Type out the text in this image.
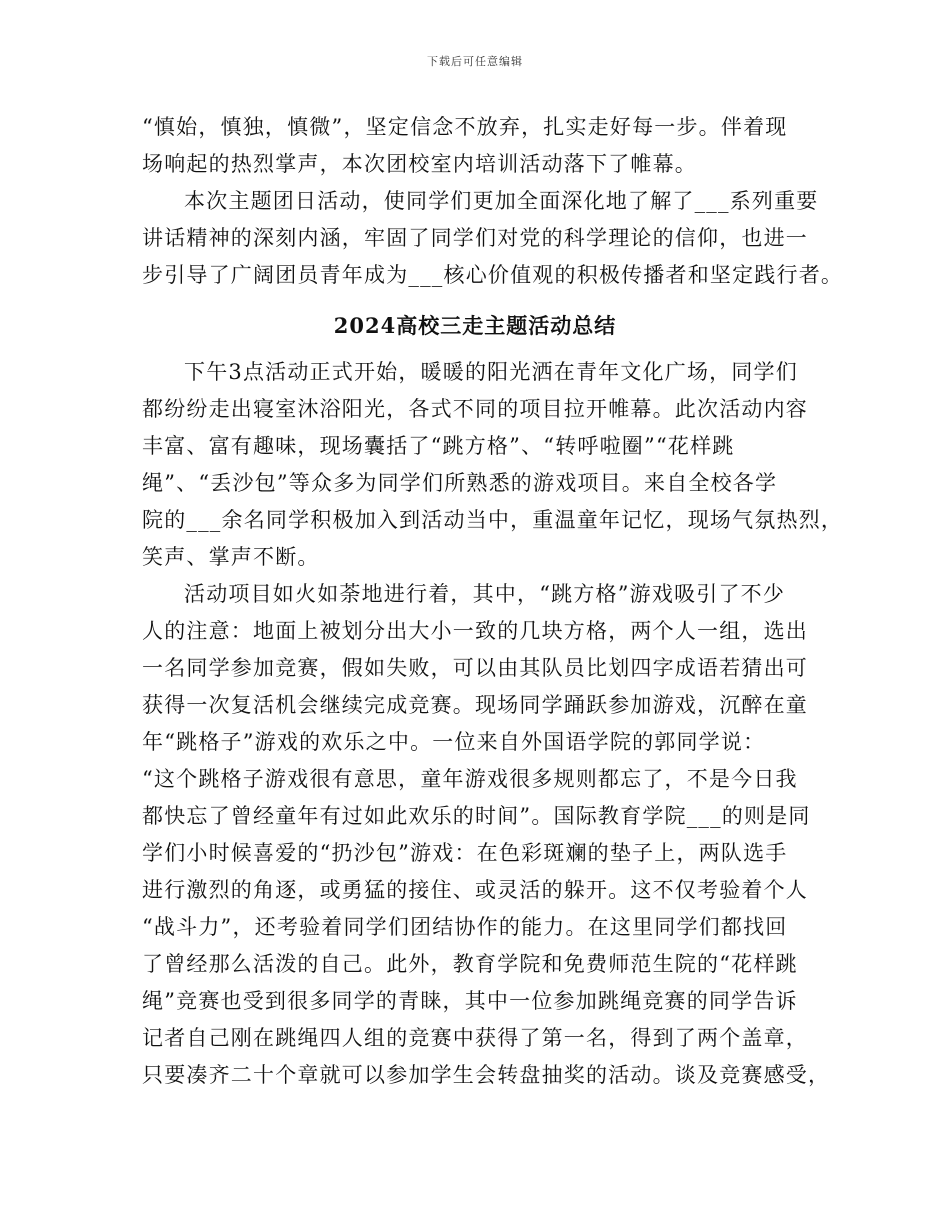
下载后可任意编辑
“慎始，慎独，慎微”，坚定信念不放弃，扎实走好每一步。伴着现
场响起的热烈掌声，本次团校室内培训活动落下了帷幕。
本次主题团日活动，使同学们更加全面深化地了解了___系列重要
讲话精神的深刻内涵，牢固了同学们对党的科学理论的信仰，也进一
步引导了广阔团员青年成为___核心价值观的积极传播者和坚定践行者。
2024高校三走主题活动总结
下午3点活动正式开始，暖暖的阳光洒在青年文化广场，同学们
都纷纷走出寝室沐浴阳光，各式不同的项目拉开帷幕。此次活动内容
丰富、富有趣味，现场囊括了“跳方格”、“转呼啦圈”“花样跳
绳”、“丢沙包”等众多为同学们所熟悉的游戏项目。来自全校各学
院的___余名同学积极加入到活动当中，重温童年记忆，现场气氛热烈，
笑声、掌声不断。
活动项目如火如荼地进行着，其中，“跳方格”游戏吸引了不少
人的注意：地面上被划分出大小一致的几块方格，两个人一组，选出
一名同学参加竞赛，假如失败，可以由其队员比划四字成语若猜出可
获得一次复活机会继续完成竞赛。现场同学踊跃参加游戏，沉醉在童
年“跳格子”游戏的欢乐之中。一位来自外国语学院的郭同学说：
“这个跳格子游戏很有意思，童年游戏很多规则都忘了，不是今日我
都快忘了曾经童年有过如此欢乐的时间”。国际教育学院___的则是同
学们小时候喜爱的“扔沙包”游戏：在色彩斑斓的垫子上，两队选手
进行激烈的角逐，或勇猛的接住、或灵活的躲开。这不仅考验着个人
“战斗力”，还考验着同学们团结协作的能力。在这里同学们都找回
了曾经那么活泼的自己。此外，教育学院和免费师范生院的“花样跳
绳”竞赛也受到很多同学的青睐，其中一位参加跳绳竞赛的同学告诉
记者自己刚在跳绳四人组的竞赛中获得了第一名，得到了两个盖章，
只要凑齐二十个章就可以参加学生会转盘抽奖的活动。谈及竞赛感受，
